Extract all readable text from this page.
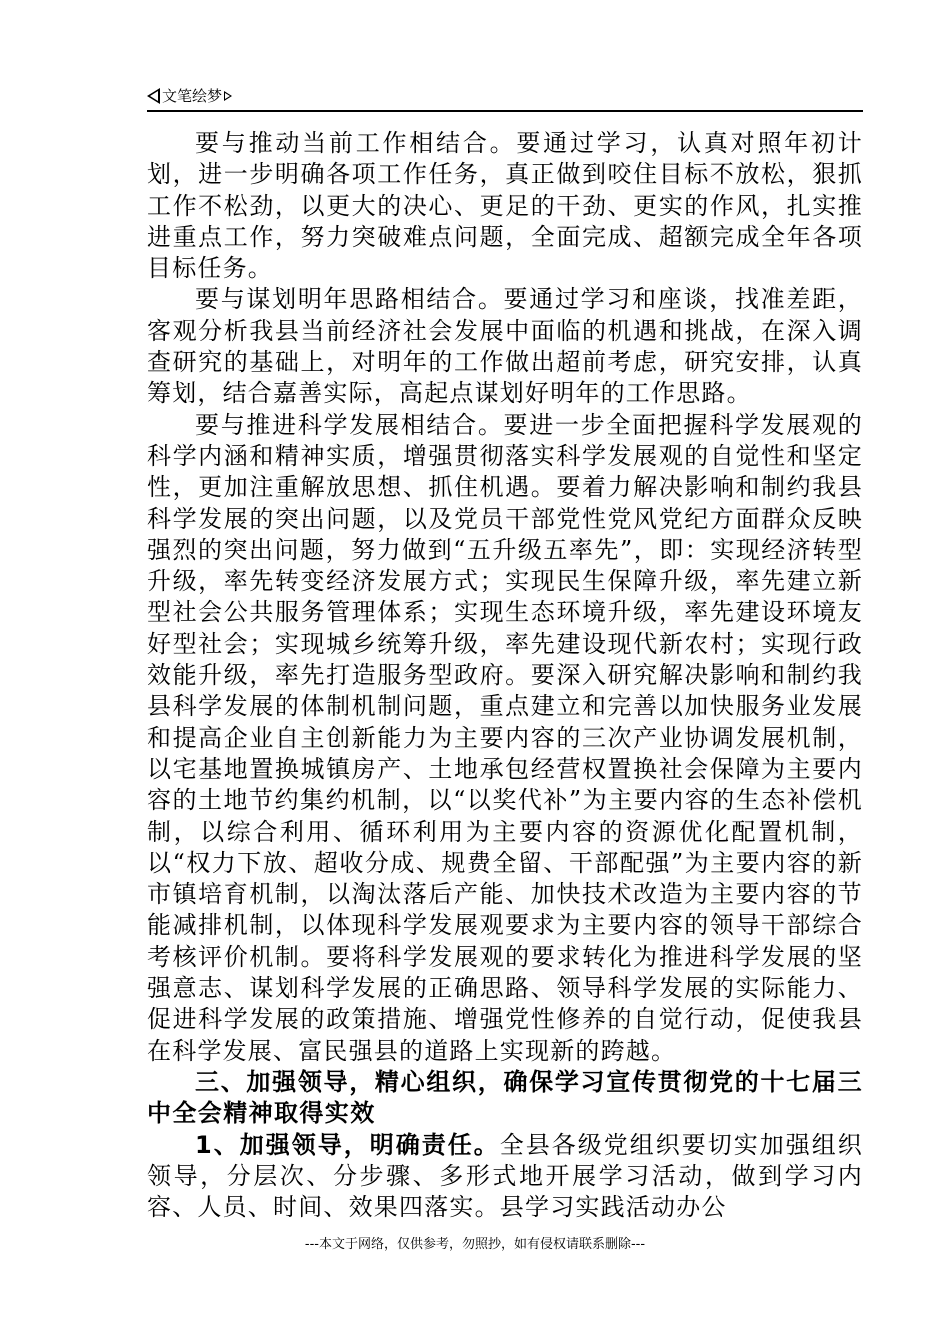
文笔绘梦

要与推动当前工作相结合。要通过学习，认真对照年初计划，进一步明确各项工作任务，真正做到咬住目标不放松，狠抓工作不松劲，以更大的决心、更足的干劲、更实的作风，扎实推进重点工作，努力突破难点问题，全面完成、超额完成全年各项目标任务。

要与谋划明年思路相结合。要通过学习和座谈，找准差距，客观分析我县当前经济社会发展中面临的机遇和挑战，在深入调查研究的基础上，对明年的工作做出超前考虑，研究安排，认真筹划，结合嘉善实际，高起点谋划好明年的工作思路。

要与推进科学发展相结合。要进一步全面把握科学发展观的科学内涵和精神实质，增强贯彻落实科学发展观的自觉性和坚定性，更加注重解放思想、抓住机遇。要着力解决影响和制约我县科学发展的突出问题，以及党员干部党性党风党纪方面群众反映强烈的突出问题，努力做到“五升级五率先”，即：实现经济转型升级，率先转变经济发展方式；实现民生保障升级，率先建立新型社会公共服务管理体系；实现生态环境升级，率先建设环境友好型社会；实现城乡统筹升级，率先建设现代新农村；实现行政效能升级，率先打造服务型政府。要深入研究解决影响和制约我县科学发展的体制机制问题，重点建立和完善以加快服务业发展和提高企业自主创新能力为主要内容的三次产业协调发展机制，以宅基地置换城镇房产、土地承包经营权置换社会保障为主要内容的土地节约集约机制，以“以奖代补”为主要内容的生态补偿机制，以综合利用、循环利用为主要内容的资源优化配置机制，以“权力下放、超收分成、规费全留、干部配强”为主要内容的新市镇培育机制，以淘汰落后产能、加快技术改造为主要内容的节能减排机制，以体现科学发展观要求为主要内容的领导干部综合考核评价机制。要将科学发展观的要求转化为推进科学发展的坚强意志、谋划科学发展的正确思路、领导科学发展的实际能力、促进科学发展的政策措施、增强党性修养的自觉行动，促使我县在科学发展、富民强县的道路上实现新的跨越。

三、加强领导，精心组织，确保学习宣传贯彻党的十七届三中全会精神取得实效

1、加强领导，明确责任。全县各级党组织要切实加强组织领导，分层次、分步骤、多形式地开展学习活动，做到学习内容、人员、时间、效果四落实。县学习实践活动办公

---本文于网络，仅供参考，勿照抄，如有侵权请联系删除---
